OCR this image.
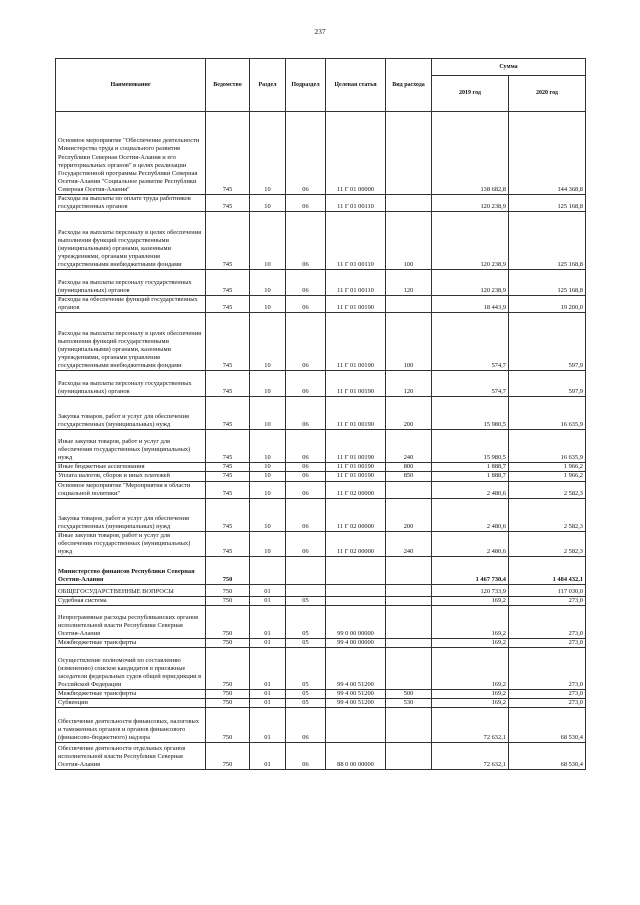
237
Наименование	Ведомство	Раздел	Подраздел	Целевая статья	Вид расхода	Сумма	
						2019 год	2020 год
Основное мероприятие "Обеспечение деятельности Министерства труда и социального развития Республики Северная Осетия-Алания и его территориальных органов" в целях реализации Государственной программы Республики Северная Осетия-Алания "Социальное развитие Республики Северная Осетия-Алания"	745	10	06	11 Г 01 00000		138 682,8	144 368,8
Расходы на выплаты по оплате труда работников государственных органов	745	10	06	11 Г 01 00110		120 238,9	125 168,8
Расходы на выплаты персоналу в целях обеспечения выполнения функций государственными (муниципальными) органами, казенными учреждениями, органами управления государственными внебюджетными фондами	745	10	06	11 Г 01 00110	100	120 238,9	125 168,8
Расходы на выплаты персоналу государственных (муниципальных) органов	745	10	06	11 Г 01 00110	120	120 238,9	125 168,8
Расходы на обеспечение функций государственных органов	745	10	06	11 Г 01 00190		18 443,9	19 200,0
Расходы на выплаты персоналу в целях обеспечения выполнения функций государственными (муниципальными) органами, казенными учреждениями, органами управления государственными внебюджетными фондами	745	10	06	11 Г 01 00190	100	574,7	597,9
Расходы на выплаты персоналу государственных (муниципальных) органов	745	10	06	11 Г 01 00190	120	574,7	597,9
Закупка товаров, работ и услуг для обеспечения государственных (муниципальных) нужд	745	10	06	11 Г 01 00190	200	15 980,5	16 635,9
Иные закупки товаров, работ и услуг для обеспечения государственных (муниципальных) нужд	745	10	06	11 Г 01 00190	240	15 980,5	16 635,9
Иные бюджетные ассигнования	745	10	06	11 Г 01 00190	800	1 888,7	1 966,2
Уплата налогов, сборов и иных платежей	745	10	06	11 Г 01 00190	850	1 888,7	1 966,2
Основное мероприятие "Мероприятия в области социальной политики"	745	10	06	11 Г 02 00000		2 480,6	2 582,3
Закупка товаров, работ и услуг для обеспечения государственных (муниципальных) нужд	745	10	06	11 Г 02 00000	200	2 480,6	2 582,3
Иные закупки товаров, работ и услуг для обеспечения государственных (муниципальных) нужд	745	10	06	11 Г 02 00000	240	2 480,6	2 582,3
Министерство финансов Республики Северная Осетия-Алания	750					1 467 730,4	1 484 432,1
ОБЩЕГОСУДАРСТВЕННЫЕ ВОПРОСЫ	750	01				120 733,9	117 030,0
Судебная система	750	01	05			169,2	273,0
Непрограммные расходы республиканских органов исполнительной власти Республики Северная Осетия-Алания	750	01	05	99 0 00 00000		169,2	273,0
Межбюджетные трансферты	750	01	05	99 4 00 00000		169,2	273,0
Осуществление полномочий по составлению (изменению) списков кандидатов в присяжные заседатели федеральных судов общей юрисдикции в Российской Федерации	750	01	05	99 4 00 51200		169,2	273,0
Межбюджетные трансферты	750	01	05	99 4 00 51200	500	169,2	273,0
Субвенции	750	01	05	99 4 00 51200	530	169,2	273,0
Обеспечение деятельности финансовых, налоговых и таможенных органов и органов финансового (финансово-бюджетного) надзора	750	01	06			72 632,1	68 530,4
Обеспечение деятельности отдельных органов исполнительной власти Республики Северная Осетия-Алания	750	01	06	88 0 00 00000		72 632,1	68 530,4
